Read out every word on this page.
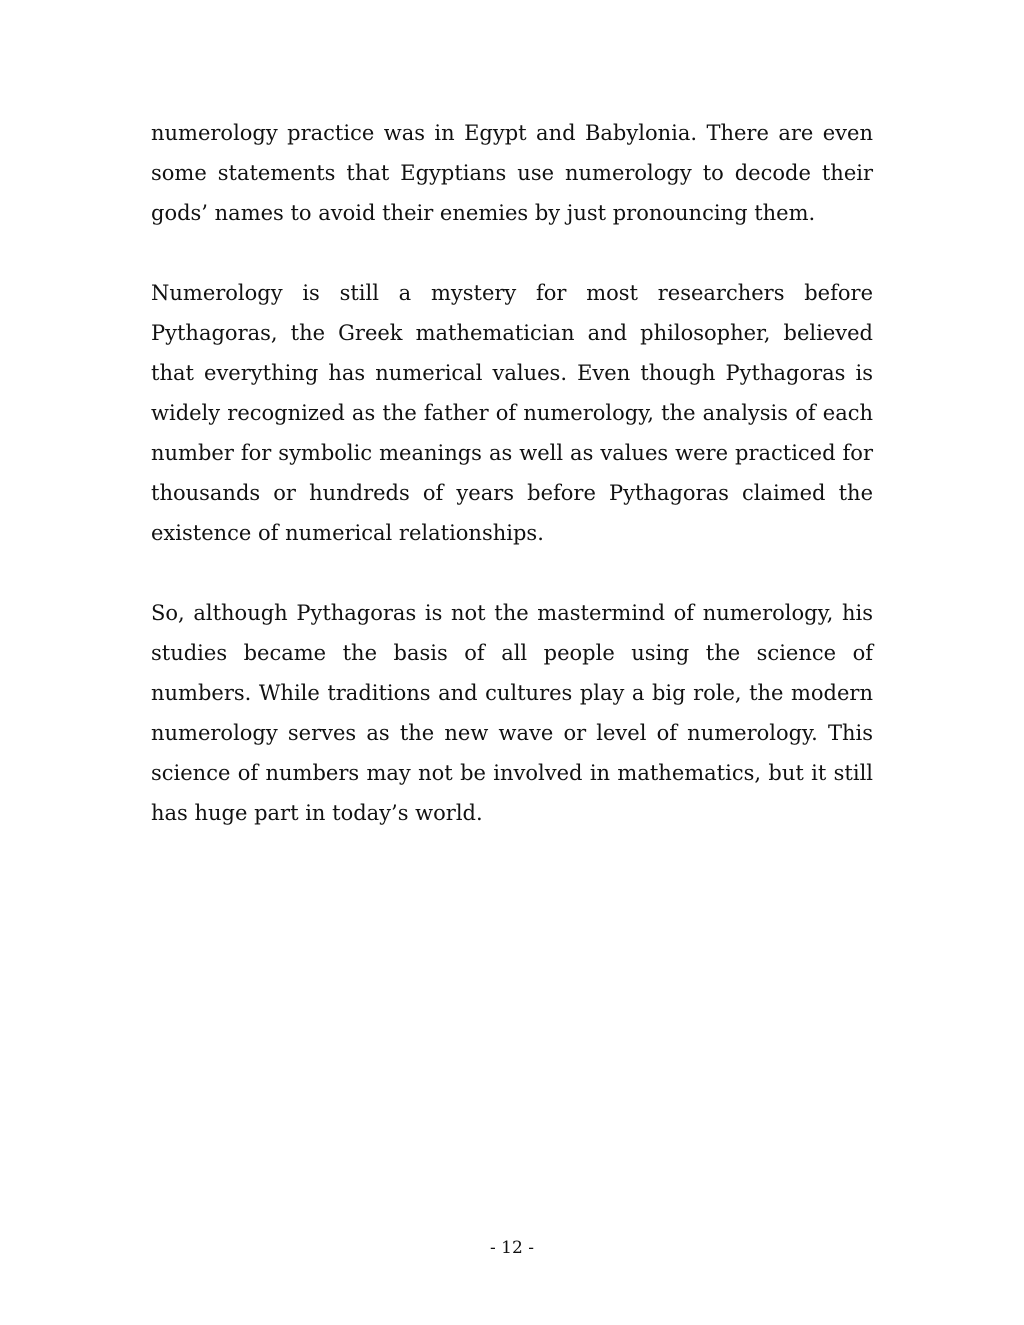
numerology practice was in Egypt and Babylonia. There are even some statements that Egyptians use numerology to decode their gods’ names to avoid their enemies by just pronouncing them.

Numerology is still a mystery for most researchers before Pythagoras, the Greek mathematician and philosopher, believed that everything has numerical values. Even though Pythagoras is widely recognized as the father of numerology, the analysis of each number for symbolic meanings as well as values were practiced for thousands or hundreds of years before Pythagoras claimed the existence of numerical relationships.

So, although Pythagoras is not the mastermind of numerology, his studies became the basis of all people using the science of numbers. While traditions and cultures play a big role, the modern numerology serves as the new wave or level of numerology. This science of numbers may not be involved in mathematics, but it still has huge part in today’s world.

- 12 -
